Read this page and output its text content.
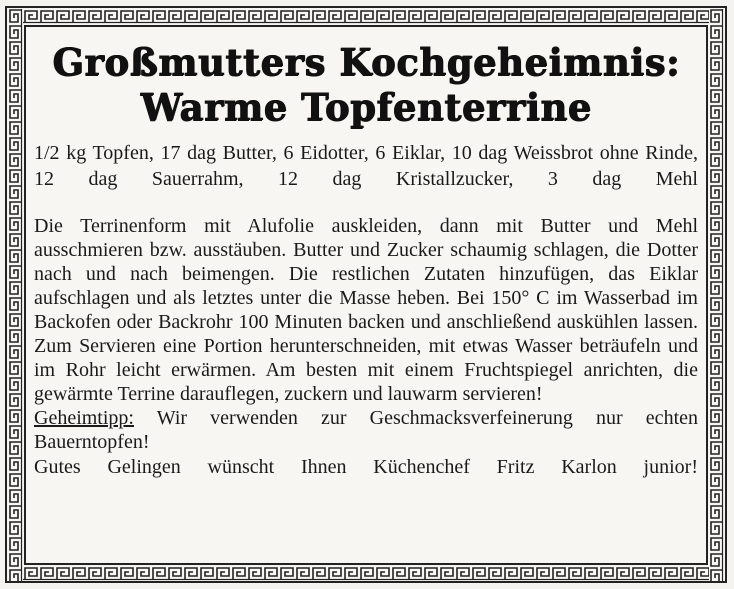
Großmutters Kochgeheimnis:
Warme Topfenterrine

1/2 kg Topfen, 17 dag Butter, 6 Eidotter, 6 Eiklar, 10 dag Weissbrot ohne Rinde, 12 dag Sauerrahm, 12 dag Kristallzucker, 3 dag Mehl

Die Terrinenform mit Alufolie auskleiden, dann mit Butter und Mehl ausschmieren bzw. ausstäuben. Butter und Zucker schaumig schlagen, die Dotter nach und nach beimengen. Die restlichen Zutaten hinzufügen, das Eiklar aufschlagen und als letztes unter die Masse heben. Bei 150° C im Wasserbad im Backofen oder Backrohr 100 Minuten backen und anschließend auskühlen lassen. Zum Servieren eine Portion herunterschneiden, mit etwas Wasser beträufeln und im Rohr leicht erwärmen. Am besten mit einem Fruchtspiegel anrichten, die gewärmte Terrine darauflegen, zuckern und lauwarm servieren!

Geheimtipp: Wir verwenden zur Geschmacksverfeinerung nur echten Bauerntopfen!

Gutes Gelingen wünscht Ihnen Küchenchef Fritz Karlon junior!
